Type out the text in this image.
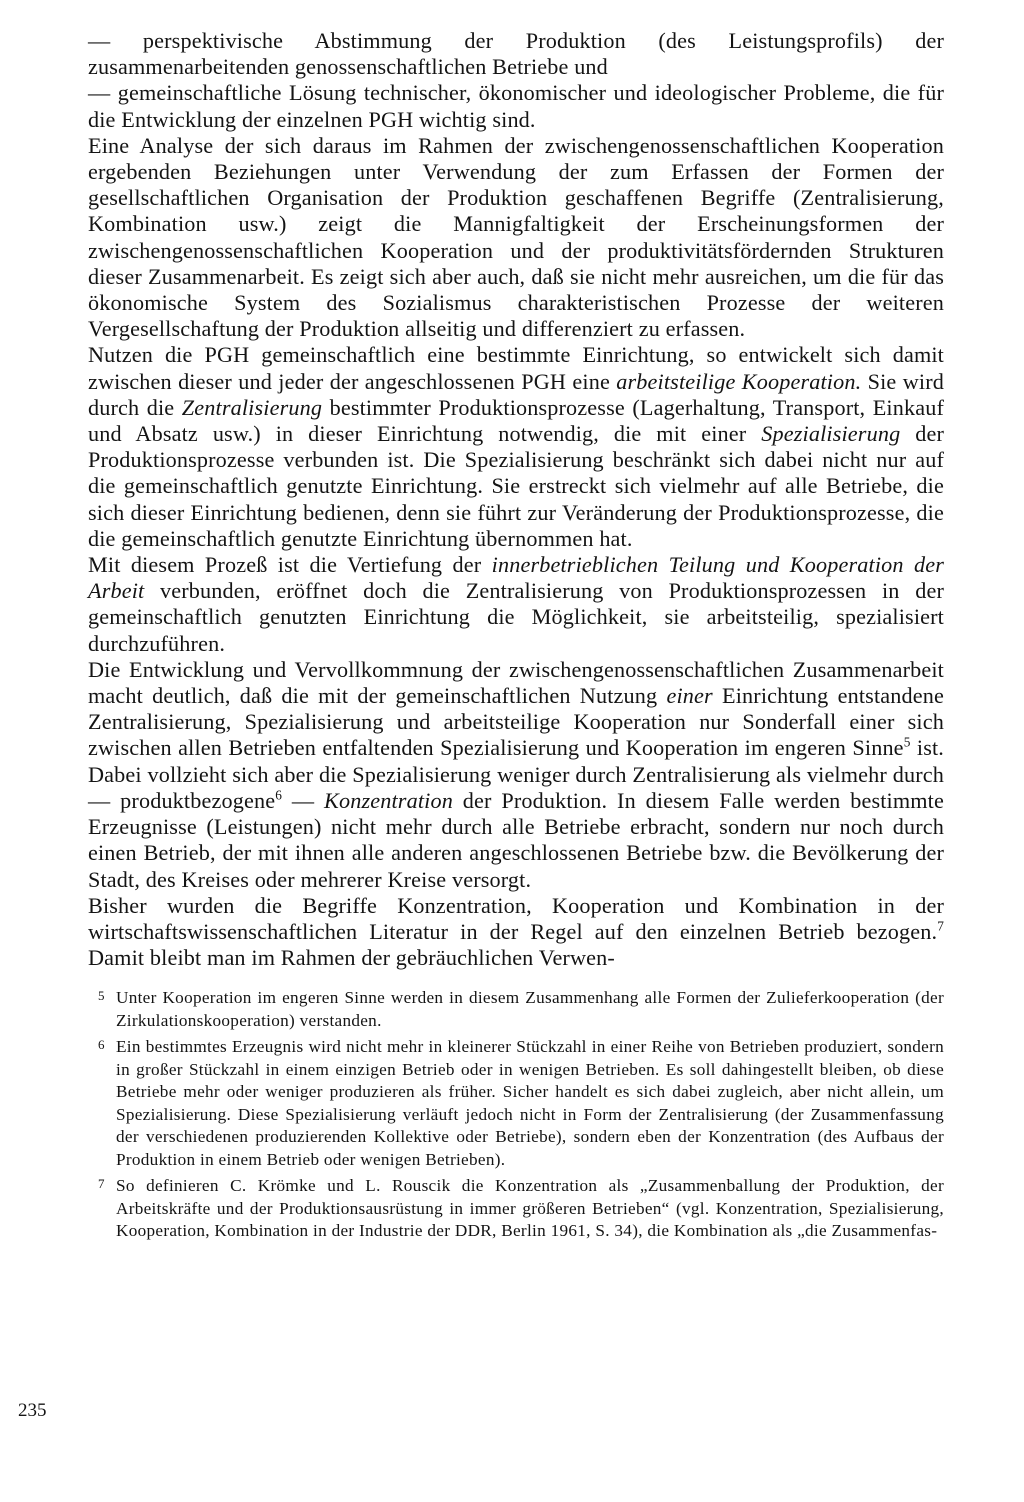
— perspektivische Abstimmung der Produktion (des Leistungsprofils) der zusammenarbeitenden genossenschaftlichen Betriebe und

— gemeinschaftliche Lösung technischer, ökonomischer und ideologischer Probleme, die für die Entwicklung der einzelnen PGH wichtig sind.

Eine Analyse der sich daraus im Rahmen der zwischengenossenschaftlichen Kooperation ergebenden Beziehungen unter Verwendung der zum Erfassen der Formen der gesellschaftlichen Organisation der Produktion geschaffenen Begriffe (Zentralisierung, Kombination usw.) zeigt die Mannigfaltigkeit der Erscheinungsformen der zwischengenossenschaftlichen Kooperation und der produktivitätsfördernden Strukturen dieser Zusammenarbeit. Es zeigt sich aber auch, daß sie nicht mehr ausreichen, um die für das ökonomische System des Sozialismus charakteristischen Prozesse der weiteren Vergesellschaftung der Produktion allseitig und differenziert zu erfassen.

Nutzen die PGH gemeinschaftlich eine bestimmte Einrichtung, so entwickelt sich damit zwischen dieser und jeder der angeschlossenen PGH eine arbeitsteilige Kooperation. Sie wird durch die Zentralisierung bestimmter Produktionsprozesse (Lagerhaltung, Transport, Einkauf und Absatz usw.) in dieser Einrichtung notwendig, die mit einer Spezialisierung der Produktionsprozesse verbunden ist. Die Spezialisierung beschränkt sich dabei nicht nur auf die gemeinschaftlich genutzte Einrichtung. Sie erstreckt sich vielmehr auf alle Betriebe, die sich dieser Einrichtung bedienen, denn sie führt zur Veränderung der Produktionsprozesse, die die gemeinschaftlich genutzte Einrichtung übernommen hat.

Mit diesem Prozeß ist die Vertiefung der innerbetrieblichen Teilung und Kooperation der Arbeit verbunden, eröffnet doch die Zentralisierung von Produktionsprozessen in der gemeinschaftlich genutzten Einrichtung die Möglichkeit, sie arbeitsteilig, spezialisiert durchzuführen.

Die Entwicklung und Vervollkommnung der zwischengenossenschaftlichen Zusammenarbeit macht deutlich, daß die mit der gemeinschaftlichen Nutzung einer Einrichtung entstandene Zentralisierung, Spezialisierung und arbeitsteilige Kooperation nur Sonderfall einer sich zwischen allen Betrieben entfaltenden Spezialisierung und Kooperation im engeren Sinne$^5$ ist. Dabei vollzieht sich aber die Spezialisierung weniger durch Zentralisierung als vielmehr durch — produktbezogene$^6$ — Konzentration der Produktion. In diesem Falle werden bestimmte Erzeugnisse (Leistungen) nicht mehr durch alle Betriebe erbracht, sondern nur noch durch einen Betrieb, der mit ihnen alle anderen angeschlossenen Betriebe bzw. die Bevölkerung der Stadt, des Kreises oder mehrerer Kreise versorgt.

Bisher wurden die Begriffe Konzentration, Kooperation und Kombination in der wirtschaftswissenschaftlichen Literatur in der Regel auf den einzelnen Betrieb bezogen.$^7$ Damit bleibt man im Rahmen der gebräuchlichen Verwen-

5 Unter Kooperation im engeren Sinne werden in diesem Zusammenhang alle Formen der Zulieferkooperation (der Zirkulationskooperation) verstanden.
6 Ein bestimmtes Erzeugnis wird nicht mehr in kleinerer Stückzahl in einer Reihe von Betrieben produziert, sondern in großer Stückzahl in einem einzigen Betrieb oder in wenigen Betrieben. Es soll dahingestellt bleiben, ob diese Betriebe mehr oder weniger produzieren als früher. Sicher handelt es sich dabei zugleich, aber nicht allein, um Spezialisierung. Diese Spezialisierung verläuft jedoch nicht in Form der Zentralisierung (der Zusammenfassung der verschiedenen produzierenden Kollektive oder Betriebe), sondern eben der Konzentration (des Aufbaus der Produktion in einem Betrieb oder wenigen Betrieben).
7 So definieren C. Krömke und L. Rouscik die Konzentration als „Zusammenballung der Produktion, der Arbeitskräfte und der Produktionsausrüstung in immer größeren Betrieben“ (vgl. Konzentration, Spezialisierung, Kooperation, Kombination in der Industrie der DDR, Berlin 1961, S. 34), die Kombination als „die Zusammenfas-
235
